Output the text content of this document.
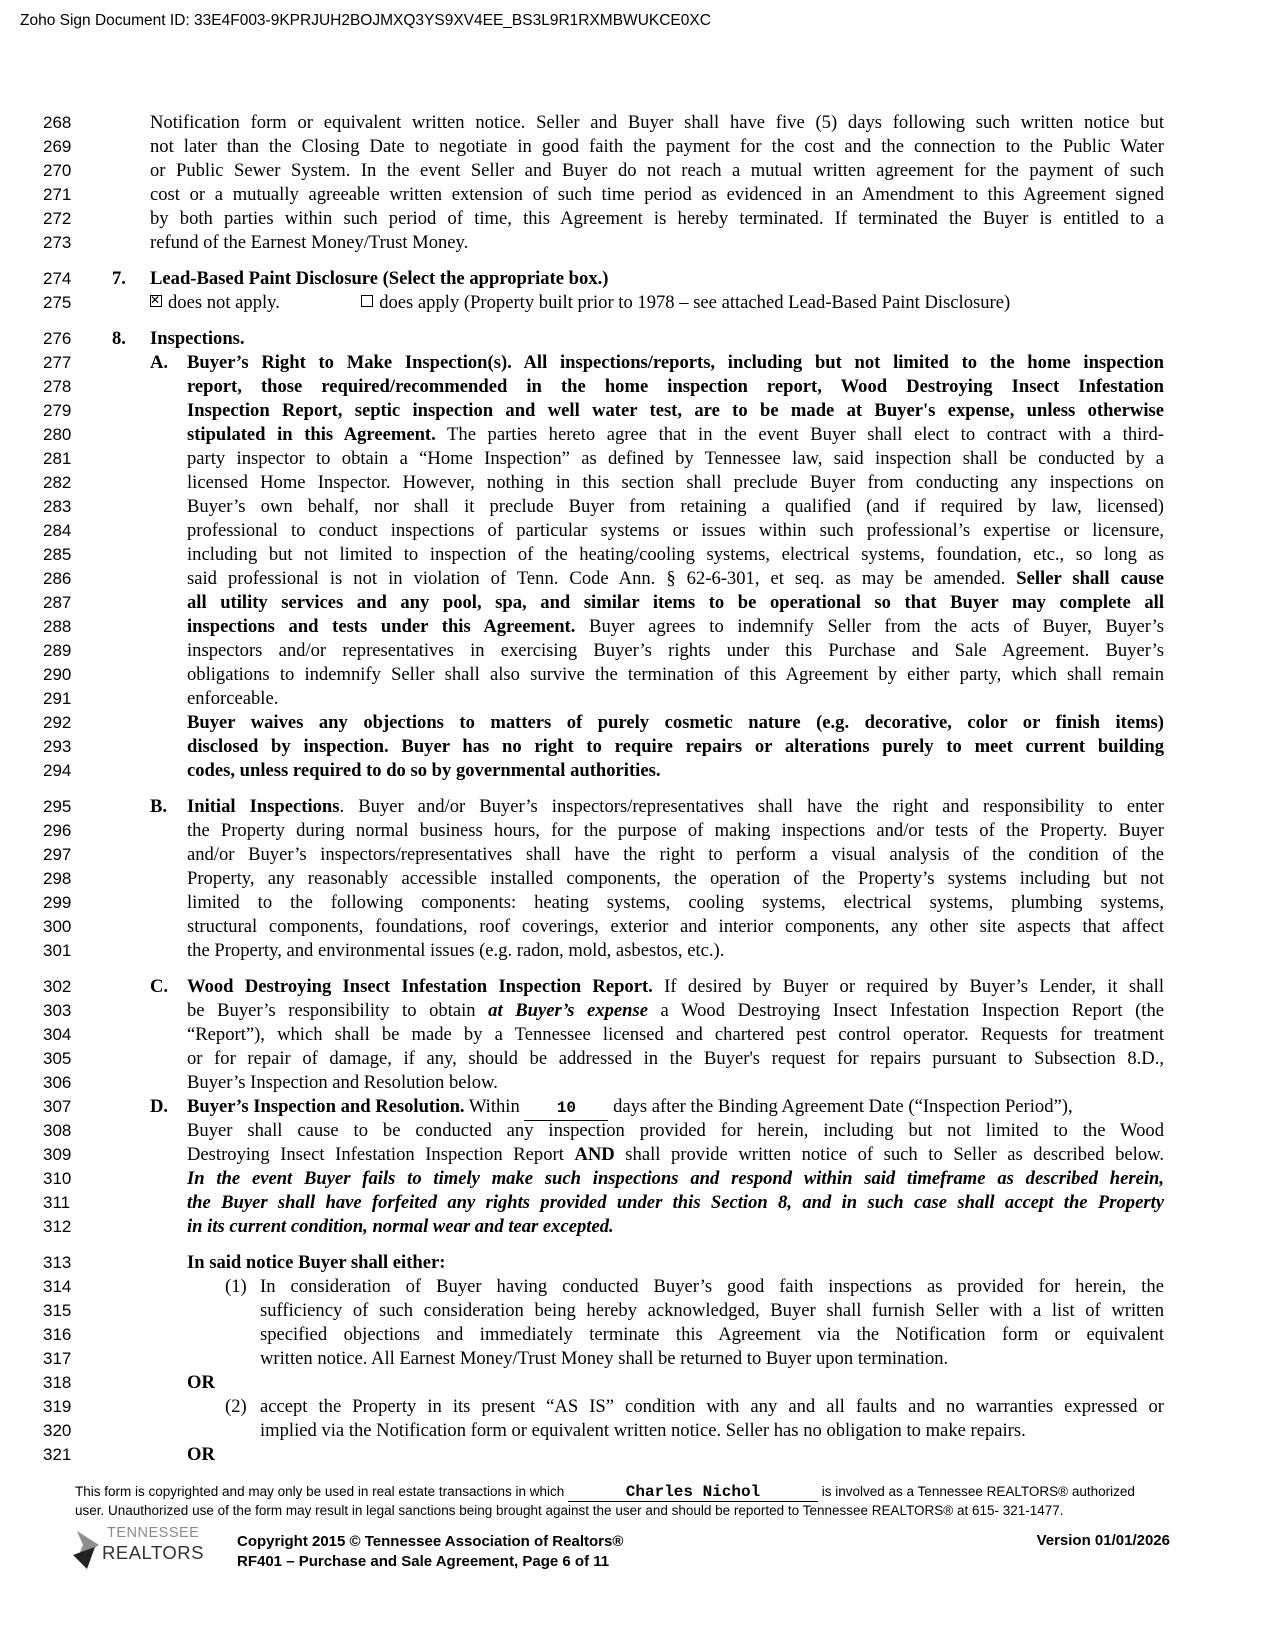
Zoho Sign Document ID: 33E4F003-9KPRJUH2BOJMXQ3YS9XV4EE_BS3L9R1RXMBWUKCE0XC
268	Notification form or equivalent written notice. Seller and Buyer shall have five (5) days following such written notice but
269	not later than the Closing Date to negotiate in good faith the payment for the cost and the connection to the Public Water
270	or Public Sewer System. In the event Seller and Buyer do not reach a mutual written agreement for the payment of such
271	cost or a mutually agreeable written extension of such time period as evidenced in an Amendment to this Agreement signed
272	by both parties within such period of time, this Agreement is hereby terminated. If terminated the Buyer is entitled to a
273	refund of the Earnest Money/Trust Money.
274	7. Lead-Based Paint Disclosure (Select the appropriate box.)
275
✕	does not apply.	does apply (Property built prior to 1978 – see attached Lead-Based Paint Disclosure)
276	8. Inspections.
277	A. Buyer’s Right to Make Inspection(s). All inspections/reports, including but not limited to the home inspection
278	report, those required/recommended in the home inspection report, Wood Destroying Insect Infestation
279	Inspection Report, septic inspection and well water test, are to be made at Buyer's expense, unless otherwise
280	stipulated in this Agreement. The parties hereto agree that in the event Buyer shall elect to contract with a third-
281	party inspector to obtain a “Home Inspection” as defined by Tennessee law, said inspection shall be conducted by a
282	licensed Home Inspector. However, nothing in this section shall preclude Buyer from conducting any inspections on
283	Buyer’s own behalf, nor shall it preclude Buyer from retaining a qualified (and if required by law, licensed)
284	professional to conduct inspections of particular systems or issues within such professional’s expertise or licensure,
285	including but not limited to inspection of the heating/cooling systems, electrical systems, foundation, etc., so long as
286	said professional is not in violation of Tenn. Code Ann. § 62-6-301, et seq. as may be amended. Seller shall cause
287	all utility services and any pool, spa, and similar items to be operational so that Buyer may complete all
288	inspections and tests under this Agreement. Buyer agrees to indemnify Seller from the acts of Buyer, Buyer’s
289	inspectors and/or representatives in exercising Buyer’s rights under this Purchase and Sale Agreement. Buyer’s
290	obligations to indemnify Seller shall also survive the termination of this Agreement by either party, which shall remain
291	enforceable.
292	Buyer waives any objections to matters of purely cosmetic nature (e.g. decorative, color or finish items)
293	disclosed by inspection. Buyer has no right to require repairs or alterations purely to meet current building
294	codes, unless required to do so by governmental authorities.
295	B. Initial Inspections. Buyer and/or Buyer’s inspectors/representatives shall have the right and responsibility to enter
296	the Property during normal business hours, for the purpose of making inspections and/or tests of the Property. Buyer
297	and/or Buyer’s inspectors/representatives shall have the right to perform a visual analysis of the condition of the
298	Property, any reasonably accessible installed components, the operation of the Property’s systems including but not
299	limited to the following components: heating systems, cooling systems, electrical systems, plumbing systems,
300	structural components, foundations, roof coverings, exterior and interior components, any other site aspects that affect
301	the Property, and environmental issues (e.g. radon, mold, asbestos, etc.).
302	C. Wood Destroying Insect Infestation Inspection Report. If desired by Buyer or required by Buyer’s Lender, it shall
303	be Buyer’s responsibility to obtain at Buyer’s expense a Wood Destroying Insect Infestation Inspection Report (the
304	“Report”), which shall be made by a Tennessee licensed and chartered pest control operator. Requests for treatment
305	or for repair of damage, if any, should be addressed in the Buyer's request for repairs pursuant to Subsection 8.D.,
306	Buyer’s Inspection and Resolution below.
307	D. Buyer’s Inspection and Resolution. Within 10 days after the Binding Agreement Date (“Inspection Period”),
308	Buyer shall cause to be conducted any inspection provided for herein, including but not limited to the Wood
309	Destroying Insect Infestation Inspection Report AND shall provide written notice of such to Seller as described below.
310	In the event Buyer fails to timely make such inspections and respond within said timeframe as described herein,
311	the Buyer shall have forfeited any rights provided under this Section 8, and in such case shall accept the Property
312	in its current condition, normal wear and tear excepted.
313	In said notice Buyer shall either:
314	(1) In consideration of Buyer having conducted Buyer’s good faith inspections as provided for herein, the
315	sufficiency of such consideration being hereby acknowledged, Buyer shall furnish Seller with a list of written
316	specified objections and immediately terminate this Agreement via the Notification form or equivalent
317	written notice. All Earnest Money/Trust Money shall be returned to Buyer upon termination.
318	OR
319	(2) accept the Property in its present “AS IS” condition with any and all faults and no warranties expressed or
320	implied via the Notification form or equivalent written notice. Seller has no obligation to make repairs.
321	OR
This form is copyrighted and may only be used in real estate transactions in which	Charles Nichol	is involved as a Tennessee REALTORS® authorized
user. Unauthorized use of the form may result in legal sanctions being brought against the user and should be reported to Tennessee REALTORS® at 615- 321-1477.
TENNESSEE
REALTORS
Copyright 2015 © Tennessee Association of Realtors®
RF401 – Purchase and Sale Agreement, Page 6 of 11
Version 01/01/2026
